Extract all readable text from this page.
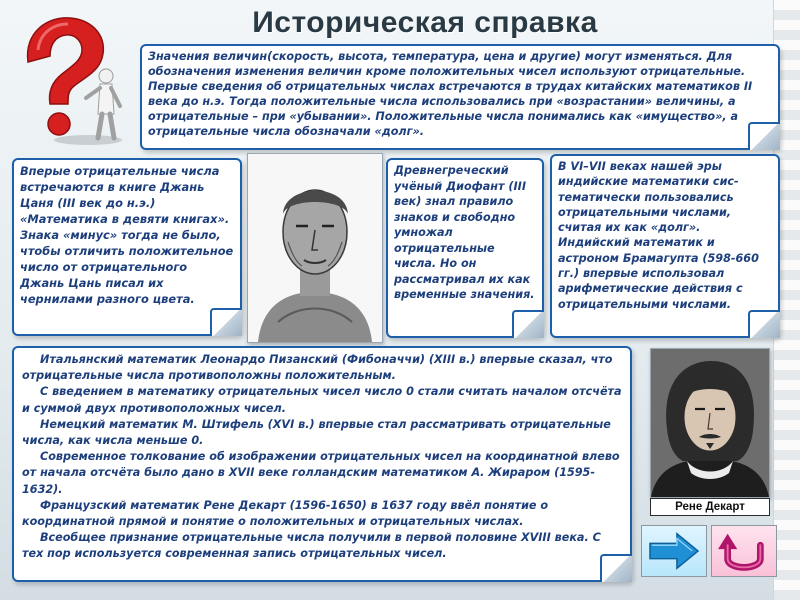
Историческая справка
Значения величин(скорость, высота, температура, цена и другие) могут изменяться. Для обозначения изменения величин кроме положительных чисел используют отрицательные. Первые сведения об отрицательных числах встречаются в трудах китайских математиков II века до н.э. Тогда положительные числа использовались при «возрастании» величины, а отрицательные – при «убывании». Положительные числа понимались как «имущество», а отрицательные числа обозначали «долг».
Вперые отрицательные числа встречаются в книге Джань Цаня (III век до н.э.) «Математика в девяти книгах». Знака «минус» тогда не было, чтобы отличить положительное число от отрицательного Джань Цань писал их чернилами разного цвета.
Древнегреческий учёный Диофант (III век) знал правило знаков и свободно умножал отрицательные числа. Но он рассматривал их как временные значения.
В VI–VII веках нашей эры индийские математики сис-тематически пользовались отрицательными числами, считая их как «долг». Индийский математик и астроном Брамагупта (598-660 гг.) впервые использовал арифметические действия с отрицательными числами.

Итальянский математик Леонардо Пизанский (Фибоначчи) (XIII в.) впервые сказал, что отрицательные числа противоположны положительным.

С введением в математику отрицательных чисел число 0 стали считать началом отсчёта и суммой двух противоположных чисел.

Немецкий математик М. Штифель (XVI в.) впервые стал рассматривать отрицательные числа, как числа меньше 0.

Современное толкование об изображении отрицательных чисел на координатной влево от начала отсчёта было дано в XVII веке голландским математиком А. Жираром (1595-1632).

Французский математик Рене Декарт (1596-1650) в 1637 году ввёл понятие о координатной прямой и понятие о положительных и отрицательных числах.

Всеобщее признание отрицательные числа получили в первой половине XVIII века. С тех пор используется современная запись отрицательных чисел.

Рене Декарт
